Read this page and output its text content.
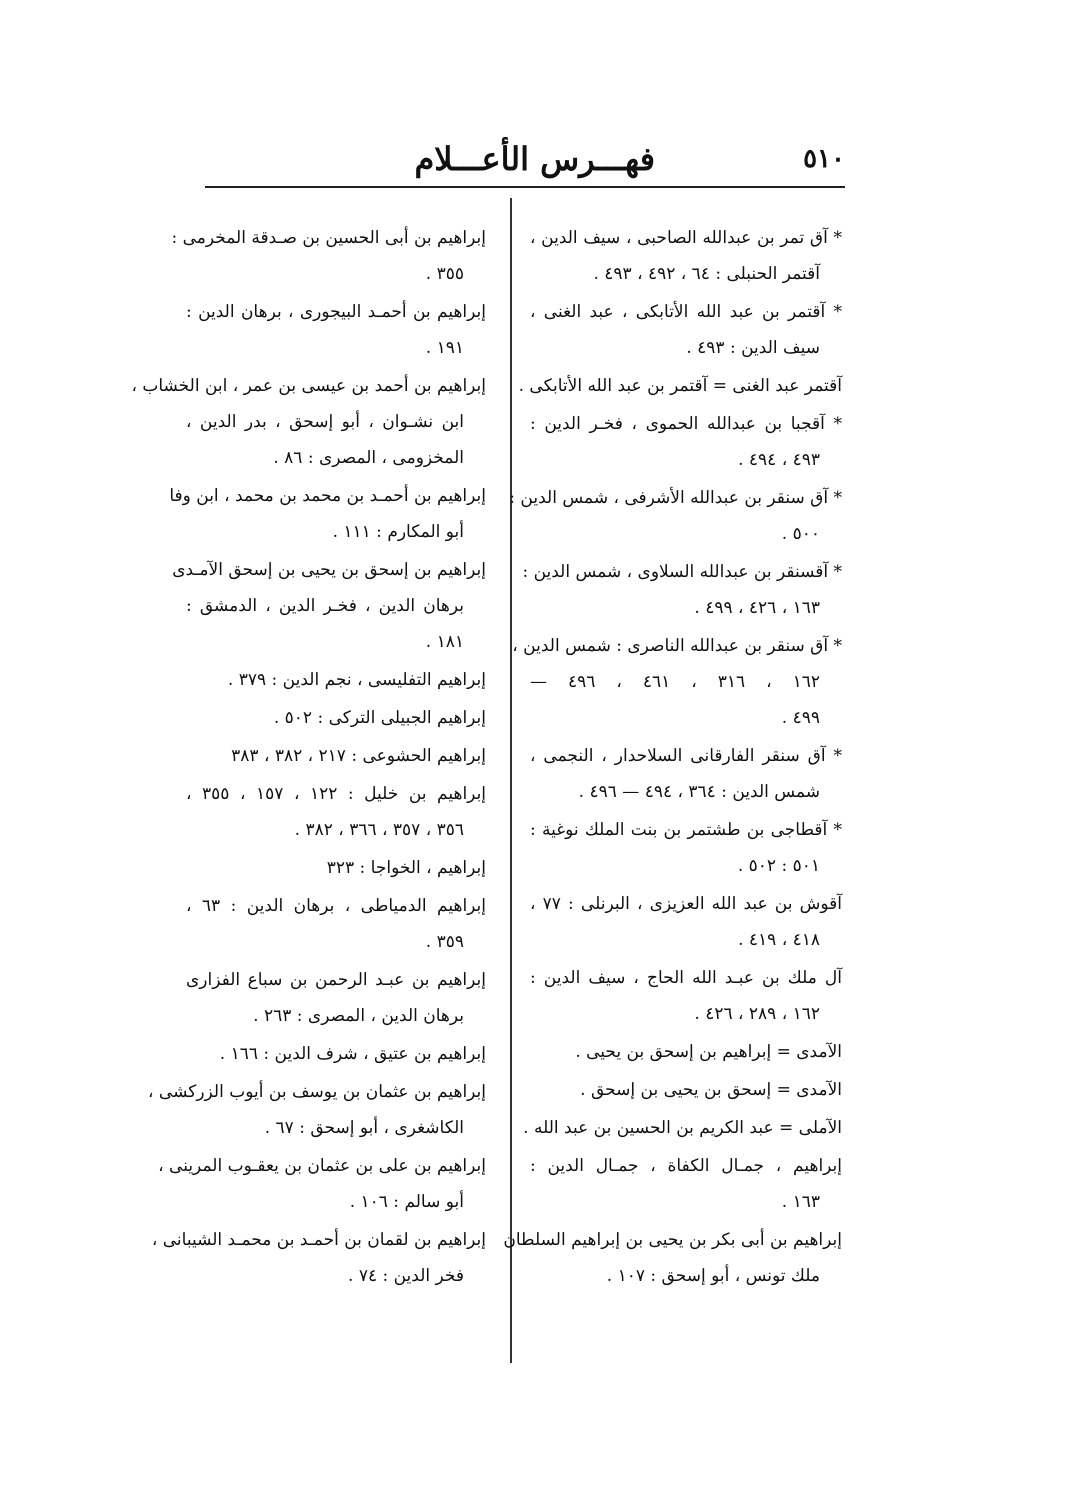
٥١٠
فهـــرس الأعـــلام
* آق تمر بن عبدالله الصاحبى ، سيف الدين ،
آقتمر الحنبلى : ٦٤ ، ٤٩٢ ، ٤٩٣ .
* آقتمر بن عبد الله الأتابكى ، عبد الغنى ،
سيف الدين : ٤٩٣ .
آقتمر عبد الغنى = آقتمر بن عبد الله الأتابكى .
* آقجبا بن عبدالله الحموى ، فخـر الدين :
٤٩٣ ، ٤٩٤ .
* آق سنقر بن عبدالله الأشرفى ، شمس الدين :
٥٠٠ .
* آقسنقر بن عبدالله السلاوى ، شمس الدين :
١٦٣ ، ٤٢٦ ، ٤٩٩ .
* آق سنقر بن عبدالله الناصرى : شمس الدين ،
١٦٢ ، ٣١٦ ، ٤٦١ ، ٤٩٦ —
٤٩٩ .
* آق سنقر الفارقانى السلاحدار ، النجمى ،
شمس الدين : ٣٦٤ ، ٤٩٤ — ٤٩٦ .
* آقطاجى بن طشتمر بن بنت الملك نوغية :
٥٠١ : ٥٠٢ .
آقوش بن عبد الله العزيزى ، البرنلى : ٧٧ ،
٤١٨ ، ٤١٩ .
آل ملك بن عبـد الله الحاج ، سيف الدين :
١٦٢ ، ٢٨٩ ، ٤٢٦ .
الآمدى = إبراهيم بن إسحق بن يحيى .
الآمدى = إسحق بن يحيى بن إسحق .
الآملى = عبد الكريم بن الحسين بن عبد الله .
إبراهيم ، جمـال الكفاة ، جمـال الدين :
١٦٣ .
إبراهيم بن أبى بكر بن يحيى بن إبراهيم السلطان
ملك تونس ، أبو إسحق : ١٠٧ .
إبراهيم بن أبى الحسين بن صـدقة المخرمى :
٣٥٥ .
إبراهيم بن أحمـد البيجورى ، برهان الدين :
١٩١ .
إبراهيم بن أحمد بن عيسى بن عمر ، ابن الخشاب ،
ابن نشـوان ، أبو إسحق ، بدر الدين ،
المخزومى ، المصرى : ٨٦ .
إبراهيم بن أحمـد بن محمد بن محمد ، ابن وفا
أبو المكارم : ١١١ .
إبراهيم بن إسحق بن يحيى بن إسحق الآمـدى
برهان الدين ، فخـر الدين ، الدمشق :
١٨١ .
إبراهيم التفليسى ، نجم الدين : ٣٧٩ .
إبراهيم الجبيلى التركى : ٥٠٢ .
إبراهيم الحشوعى : ٢١٧ ، ٣٨٢ ، ٣٨٣
إبراهيم بن خليل : ١٢٢ ، ١٥٧ ، ٣٥٥ ،
٣٥٦ ، ٣٥٧ ، ٣٦٦ ، ٣٨٢ .
إبراهيم ، الخواجا : ٣٢٣
إبراهيم الدمياطى ، برهان الدين : ٦٣ ،
٣٥٩ .
إبراهيم بن عبـد الرحمن بن سباع الفزارى
برهان الدين ، المصرى : ٢٦٣ .
إبراهيم بن عتيق ، شرف الدين : ١٦٦ .
إبراهيم بن عثمان بن يوسف بن أيوب الزركشى ،
الكاشغرى ، أبو إسحق : ٦٧ .
إبراهيم بن على بن عثمان بن يعقـوب المرينى ،
أبو سالم : ١٠٦ .
إبراهيم بن لقمان بن أحمـد بن محمـد الشيبانى ،
فخر الدين : ٧٤ .
